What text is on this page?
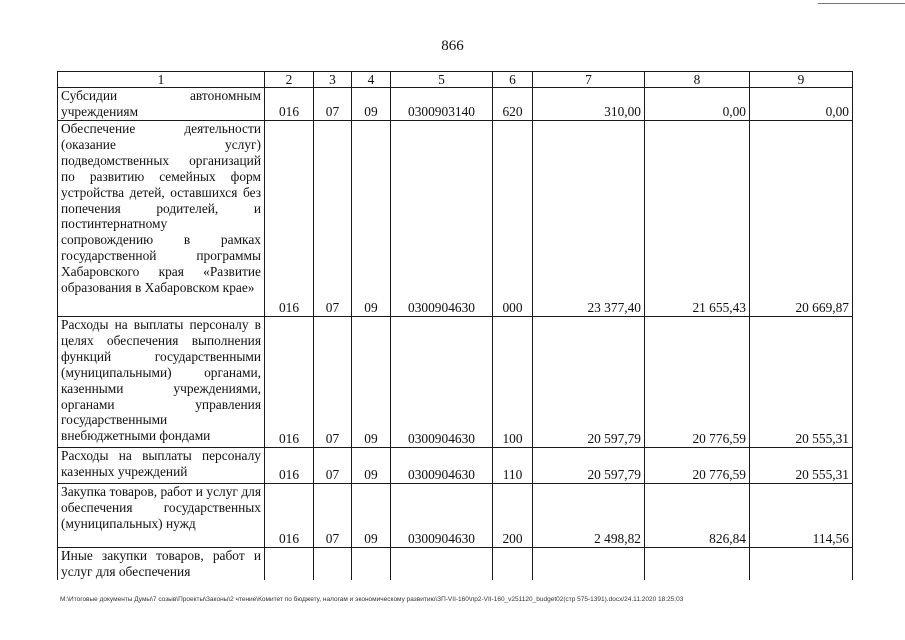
866
1	2	3	4	5	6	7	8	9
Субсидии автономным учреждениям	016	07	09	0300903140	620	310,00	0,00	0,00
Обеспечение деятельности (оказание услуг) подведомственных организаций по развитию семейных форм устройства детей, оставшихся без попечения родителей, и постинтернатному сопровождению в рамках государственной программы Хабаровского края «Развитие образования в Хабаровском крае»	016	07	09	0300904630	000	23 377,40	21 655,43	20 669,87
Расходы на выплаты персоналу в целях обеспечения выполнения функций государственными (муниципальными) органами, казенными учреждениями, органами управления государственными внебюджетными фондами	016	07	09	0300904630	100	20 597,79	20 776,59	20 555,31
Расходы на выплаты персоналу казенных учреждений	016	07	09	0300904630	110	20 597,79	20 776,59	20 555,31
Закупка товаров, работ и услуг для обеспечения государственных (муниципальных) нужд	016	07	09	0300904630	200	2 498,82	826,84	114,56
Иные закупки товаров, работ и услуг для обеспечения								
M:\Итоговые документы Думы\7 созыв\Проекты\Законы\2 чтение\Комитет по бюджету, налогам и экономическому развитию\ЗП-VII-160\пр2-VII-160_v251120_budget02(стр 575-1391).docx/24.11.2020 18:25:03
